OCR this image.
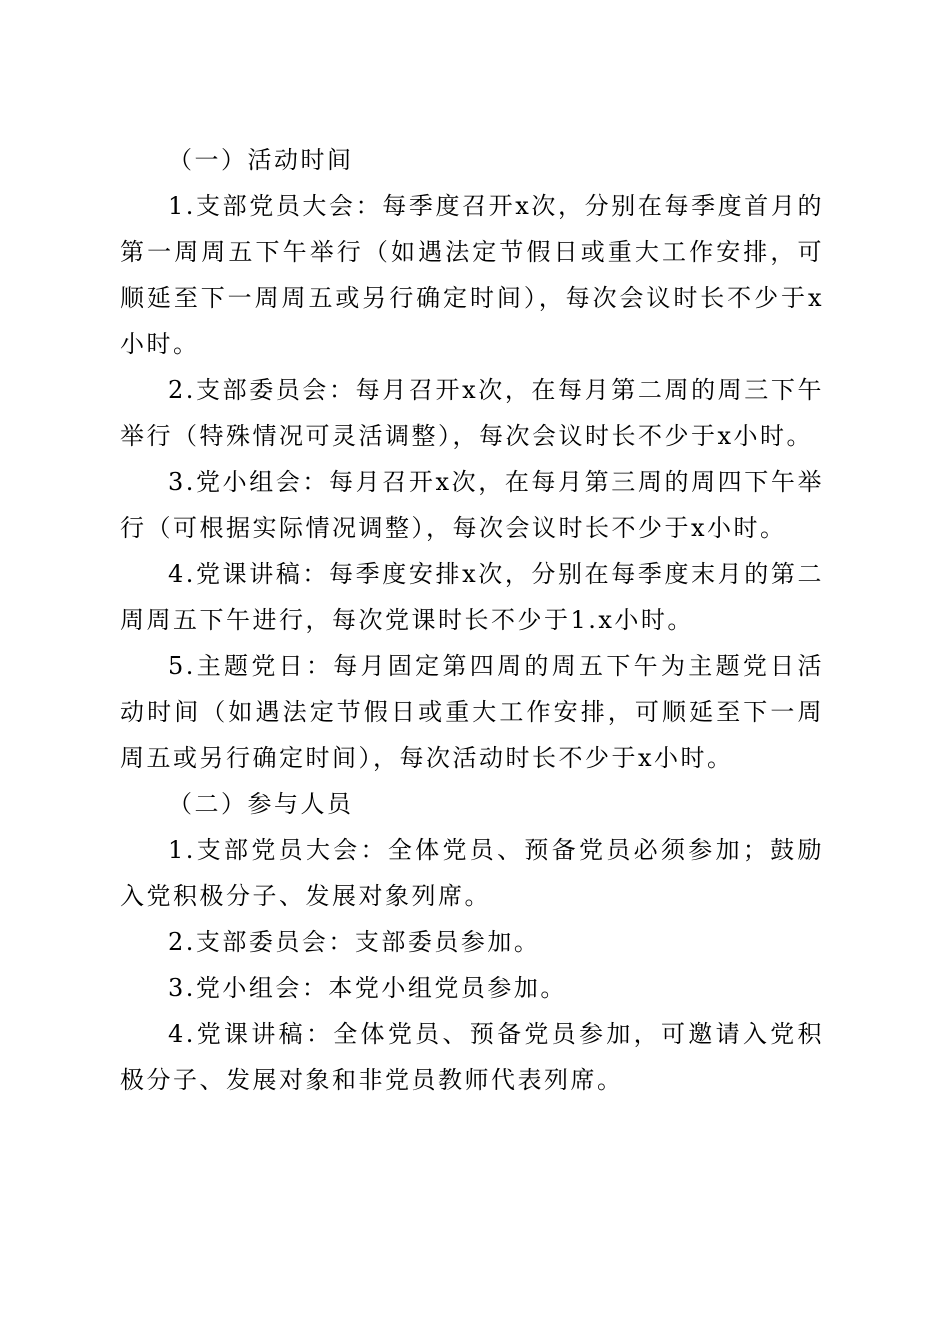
（一）活动时间

1.支部党员大会：每季度召开x次，分别在每季度首月的第一周周五下午举行（如遇法定节假日或重大工作安排，可顺延至下一周周五或另行确定时间），每次会议时长不少于x小时。

2.支部委员会：每月召开x次，在每月第二周的周三下午举行（特殊情况可灵活调整），每次会议时长不少于x小时。

3.党小组会：每月召开x次，在每月第三周的周四下午举行（可根据实际情况调整），每次会议时长不少于x小时。

4.党课讲稿：每季度安排x次，分别在每季度末月的第二周周五下午进行，每次党课时长不少于1.x小时。

5.主题党日：每月固定第四周的周五下午为主题党日活动时间（如遇法定节假日或重大工作安排，可顺延至下一周周五或另行确定时间），每次活动时长不少于x小时。

（二）参与人员

1.支部党员大会：全体党员、预备党员必须参加；鼓励入党积极分子、发展对象列席。

2.支部委员会：支部委员参加。

3.党小组会：本党小组党员参加。

4.党课讲稿：全体党员、预备党员参加，可邀请入党积极分子、发展对象和非党员教师代表列席。
